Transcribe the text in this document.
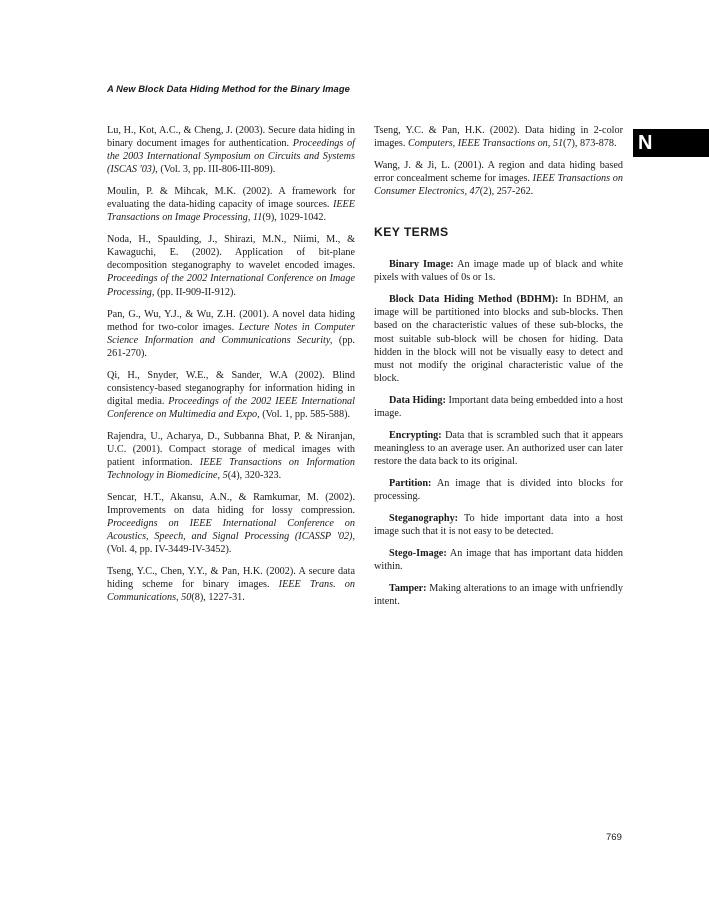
A New Block Data Hiding Method for the Binary Image
N

Lu, H., Kot, A.C., & Cheng, J. (2003). Secure data hiding in binary document images for authentication. Proceedings of the 2003 International Symposium on Circuits and Systems (ISCAS '03), (Vol. 3, pp. III-806-III-809).

Moulin, P. & Mihcak, M.K. (2002). A framework for evaluating the data-hiding capacity of image sources. IEEE Transactions on Image Processing, 11(9), 1029-1042.

Noda, H., Spaulding, J., Shirazi, M.N., Niimi, M., & Kawaguchi, E. (2002). Application of bit-plane decomposition steganography to wavelet encoded images. Proceedings of the 2002 International Conference on Image Processing, (pp. II-909-II-912).

Pan, G., Wu, Y.J., & Wu, Z.H. (2001). A novel data hiding method for two-color images. Lecture Notes in Computer Science Information and Communications Security, (pp. 261-270).

Qi, H., Snyder, W.E., & Sander, W.A (2002). Blind consistency-based steganography for information hiding in digital media. Proceedings of the 2002 IEEE International Conference on Multimedia and Expo, (Vol. 1, pp. 585-588).

Rajendra, U., Acharya, D., Subbanna Bhat, P. & Niranjan, U.C. (2001). Compact storage of medical images with patient information. IEEE Transactions on Information Technology in Biomedicine, 5(4), 320-323.

Sencar, H.T., Akansu, A.N., & Ramkumar, M. (2002). Improvements on data hiding for lossy compression. Proceedigns on IEEE International Conference on Acoustics, Speech, and Signal Processing (ICASSP '02), (Vol. 4, pp. IV-3449-IV-3452).

Tseng, Y.C., Chen, Y.Y., & Pan, H.K. (2002). A secure data hiding scheme for binary images. IEEE Trans. on Communications, 50(8), 1227-31.

Tseng, Y.C. & Pan, H.K. (2002). Data hiding in 2-color images. Computers, IEEE Transactions on, 51(7), 873-878.

Wang, J. & Ji, L. (2001). A region and data hiding based error concealment scheme for images. IEEE Transactions on Consumer Electronics, 47(2), 257-262.

KEY TERMS

Binary Image: An image made up of black and white pixels with values of 0s or 1s.

Block Data Hiding Method (BDHM): In BDHM, an image will be partitioned into blocks and sub-blocks. Then based on the characteristic values of these sub-blocks, the most suitable sub-block will be chosen for hiding. Data hidden in the block will not be visually easy to detect and must not modify the original characteristic value of the block.

Data Hiding: Important data being embedded into a host image.

Encrypting: Data that is scrambled such that it appears meaningless to an average user. An authorized user can later restore the data back to its original.

Partition: An image that is divided into blocks for processing.

Steganography: To hide important data into a host image such that it is not easy to be detected.

Stego-Image: An image that has important data hidden within.

Tamper: Making alterations to an image with unfriendly intent.

769
